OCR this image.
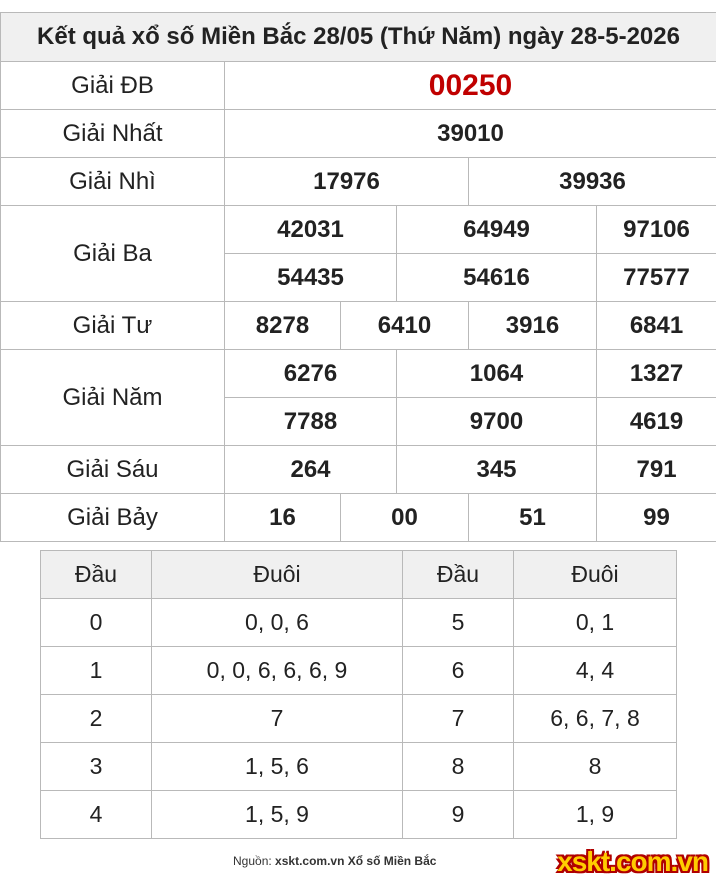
Kết quả xổ số Miền Bắc 28/05 (Thứ Năm) ngày 28-5-2026					
Giải ĐB	00250				
Giải Nhất	39010				
Giải Nhì	17976			39936	
Giải Ba	42031		64949		97106
	54435		54616		77577
Giải Tư	8278	6410		3916	6841
Giải Năm	6276		1064		1327
	7788		9700		4619
Giải Sáu	264		345		791
Giải Bảy	16	00		51	99
Đầu	Đuôi	Đầu	Đuôi
0	0, 0, 6	5	0, 1
1	0, 0, 6, 6, 6, 9	6	4, 4
2	7	7	6, 6, 7, 8
3	1, 5, 6	8	8
4	1, 5, 9	9	1, 9
Nguồn: xskt.com.vn Xổ số Miền Bắc	xskt.com.vn
